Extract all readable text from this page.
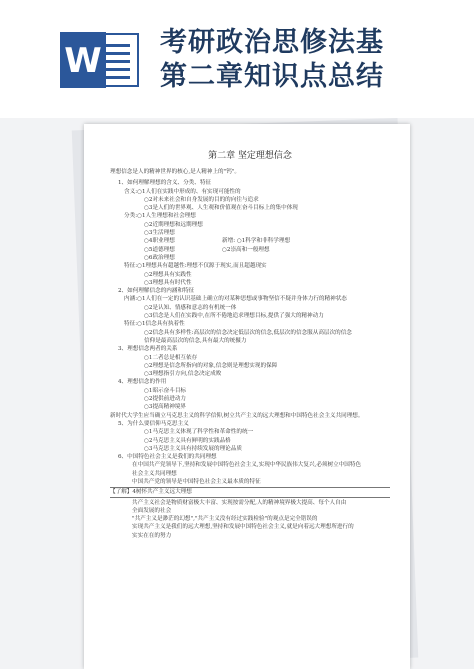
W 考研政治思修法基
第二章知识点总结
第二章 坚定理想信念
理想信念是人的精神世界的核心,是人精神上的"钙"。
1、如何理解理想的含义、分类、特征
含义:○1人们在实践中形成的、有实现可能性的
○2对未来社会和自身发展的目的的向往与追求
○3是人们的世界观、人生观和价值观在奋斗目标上的集中体现
分类:○1人生理想和社会理想
○2近期理想和远期理想
○3生活理想
○4职业理想	新增: ○1科学和非科学理想
○5道德理想	○2崇高和一般理想
○6政治理想
特征:○1理想具有超越性:理想不仅源于现实,而且超越现实
○2理想具有实践性
○3理想具有时代性
2、如何理解信念的内涵和特征
内涵:○1人们在一定的认识基础上确立的对某种思想或事物坚信不疑并身体力行的精神状态
○2是认知、情感和意志的有机统一体
○3信念是人们在实践中,在所不倦地追求理想目标,提供了强大的精神动力
特征:○1信念具有执着性
○2信念具有多样性:高层次的信念决定低层次的信念,低层次的信念服从高层次的信念
信仰是最高层次的信念,具有最大的统摄力
3、理想信念两者的关系
○1二者总是相互依存
○2理想是信念所指向的对象,信念则是理想实现的保障
○3理想指引方向,信念决定成败
4、理想信念的作用
○1昭示奋斗目标
○2提供前进动力
○3提高精神境界
新时代大学生应当确立马克思主义的科学信仰,树立共产主义的远大理想和中国特色社会主义共同理想。
5、为什么要信仰马克思主义
○1马克思主义体现了科学性和革命性的统一
○2马克思主义具有鲜明的实践品格
○3马克思主义具有持续发展的理论品质
6、中国特色社会主义是我们的共同理想
在中国共产党领导下,坚持和发展中国特色社会主义,实现中华民族伟大复兴,必须树立中国特色
社会主义共同理想
中国共产党的领导是中国特色社会主义最本质的特征
【了解】4树怀共产主义远大理想
共产主义社会是物质财富极大丰富、实现按需分配,人的精神境界极大提高、每个人自由
全面发展的社会
"共产主义是渺茫的幻想","共产主义没有经过实践检验"的观点是完全错误的
实现共产主义是我们的远大理想,坚持和发展中国特色社会主义,就是向着远大理想所进行的
实实在在的努力
